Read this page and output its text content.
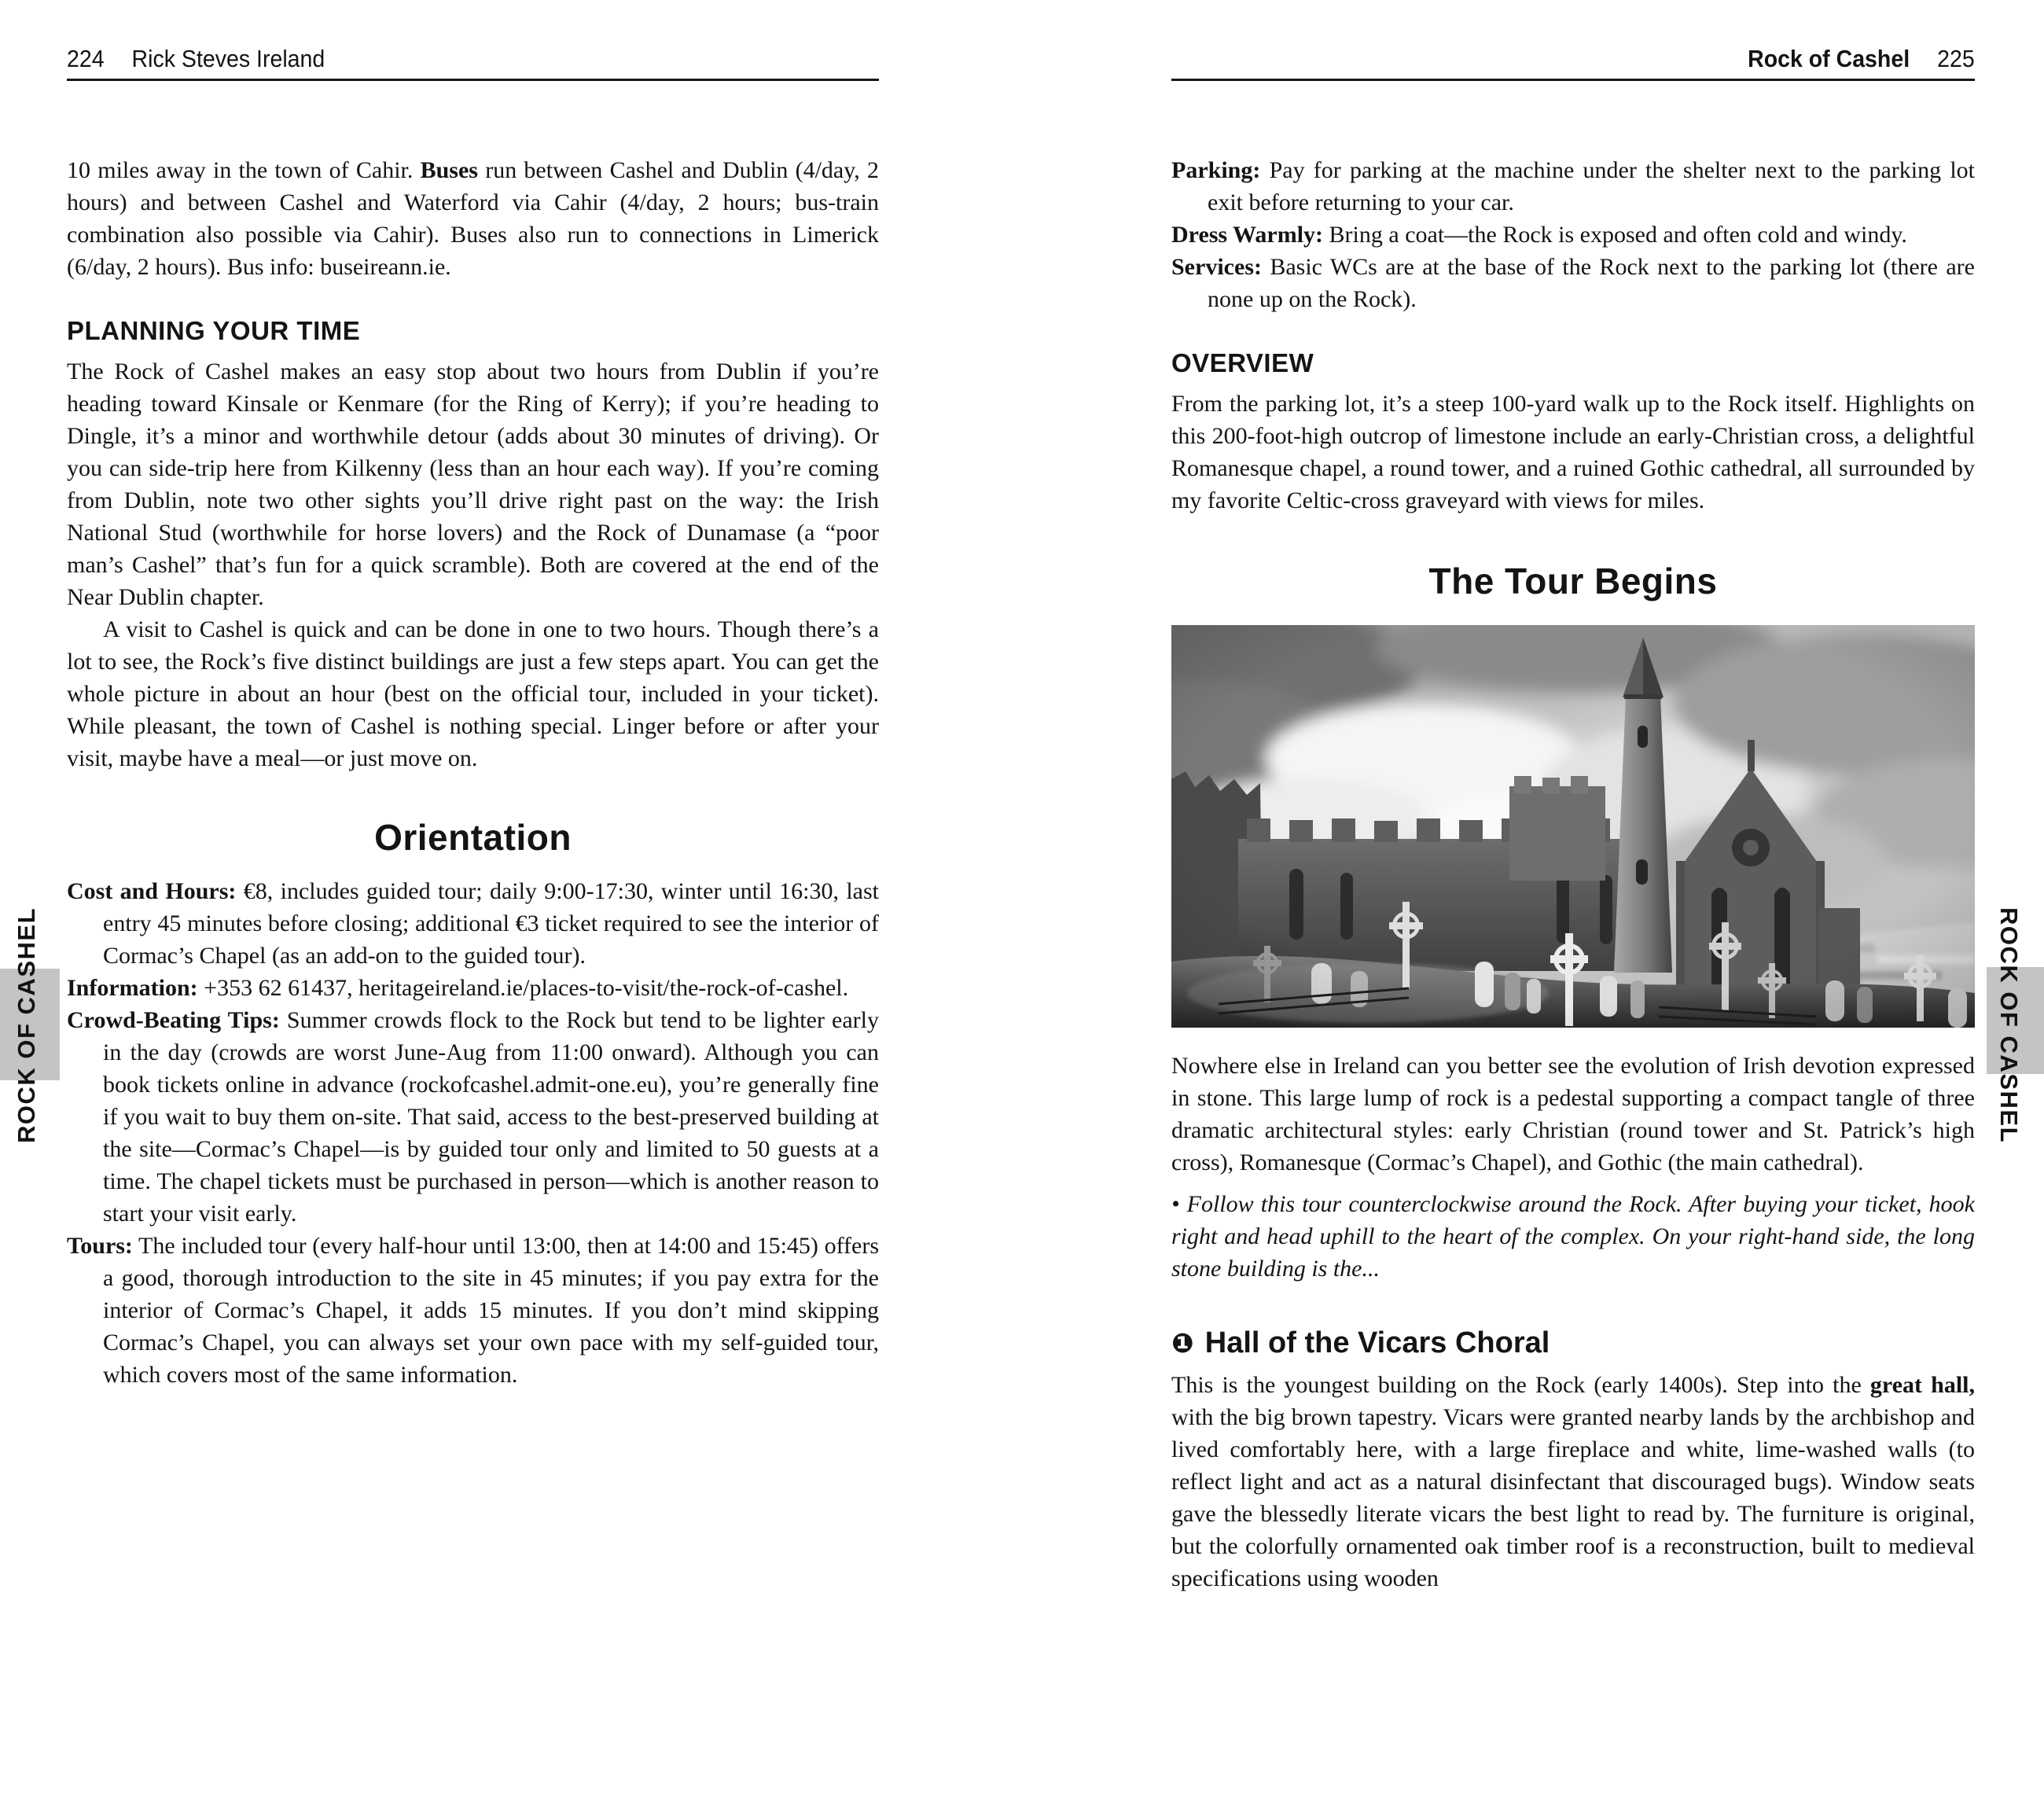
224 Rick Steves Ireland

10 miles away in the town of Cahir. Buses run between Cashel and Dublin (4/day, 2 hours) and between Cashel and Waterford via Cahir (4/day, 2 hours; bus-train combination also possible via Cahir). Buses also run to connections in Limerick (6/day, 2 hours). Bus info: buseireann.ie.

PLANNING YOUR TIME

The Rock of Cashel makes an easy stop about two hours from Dublin if you’re heading toward Kinsale or Kenmare (for the Ring of Kerry); if you’re heading to Dingle, it’s a minor and worthwhile detour (adds about 30 minutes of driving). Or you can side-trip here from Kilkenny (less than an hour each way). If you’re coming from Dublin, note two other sights you’ll drive right past on the way: the Irish National Stud (worthwhile for horse lovers) and the Rock of Dunamase (a “poor man’s Cashel” that’s fun for a quick scramble). Both are covered at the end of the Near Dublin chapter.

A visit to Cashel is quick and can be done in one to two hours. Though there’s a lot to see, the Rock’s five distinct buildings are just a few steps apart. You can get the whole picture in about an hour (best on the official tour, included in your ticket). While pleasant, the town of Cashel is nothing special. Linger before or after your visit, maybe have a meal—or just move on.

Orientation

Cost and Hours: €8, includes guided tour; daily 9:00-17:30, winter until 16:30, last entry 45 minutes before closing; additional €3 ticket required to see the interior of Cormac’s Chapel (as an add-on to the guided tour).

Information: +353 62 61437, heritageireland.ie/places-to-visit/​the-rock-of-cashel.

Crowd-Beating Tips: Summer crowds flock to the Rock but tend to be lighter early in the day (crowds are worst June-Aug from 11:00 onward). Although you can book tickets online in advance (rockofcashel.admit-one.eu), you’re generally fine if you wait to buy them on-site. That said, access to the best-preserved building at the site—Cormac’s Chapel—is by guided tour only and limited to 50 guests at a time. The chapel tickets must be purchased in person—which is another reason to start your visit early.

Tours: The included tour (every half-hour until 13:00, then at 14:00 and 15:45) offers a good, thorough introduction to the site in 45 minutes; if you pay extra for the interior of Cormac’s Chapel, it adds 15 minutes. If you don’t mind skipping Cormac’s Chapel, you can always set your own pace with my self-guided tour, which covers most of the same information.

ROCK OF CASHEL
Rock of Cashel 225

Parking: Pay for parking at the machine under the shelter next to the parking lot exit before returning to your car.

Dress Warmly: Bring a coat—the Rock is exposed and often cold and windy.

Services: Basic WCs are at the base of the Rock next to the parking lot (there are none up on the Rock).

OVERVIEW

From the parking lot, it’s a steep 100-yard walk up to the Rock itself. Highlights on this 200-foot-high outcrop of limestone include an early-Christian cross, a delightful Romanesque chapel, a round tower, and a ruined Gothic cathedral, all surrounded by my favorite Celtic-cross graveyard with views for miles.

The Tour Begins

Nowhere else in Ireland can you better see the evolution of Irish devotion expressed in stone. This large lump of rock is a pedestal supporting a compact tangle of three dramatic architectural styles: early Christian (round tower and St. Patrick’s high cross), Romanesque (Cormac’s Chapel), and Gothic (the main cathedral).

• Follow this tour counterclockwise around the Rock. After buying your ticket, hook right and head uphill to the heart of the complex. On your right-hand side, the long stone building is the...

❶ Hall of the Vicars Choral

This is the youngest building on the Rock (early 1400s). Step into the great hall, with the big brown tapestry. Vicars were granted nearby lands by the archbishop and lived comfortably here, with a large fireplace and white, lime-washed walls (to reflect light and act as a natural disinfectant that discouraged bugs). Window seats gave the blessedly literate vicars the best light to read by. The furniture is original, but the colorfully ornamented oak timber roof is a reconstruction, built to medieval specifications using wooden

ROCK OF CASHEL
